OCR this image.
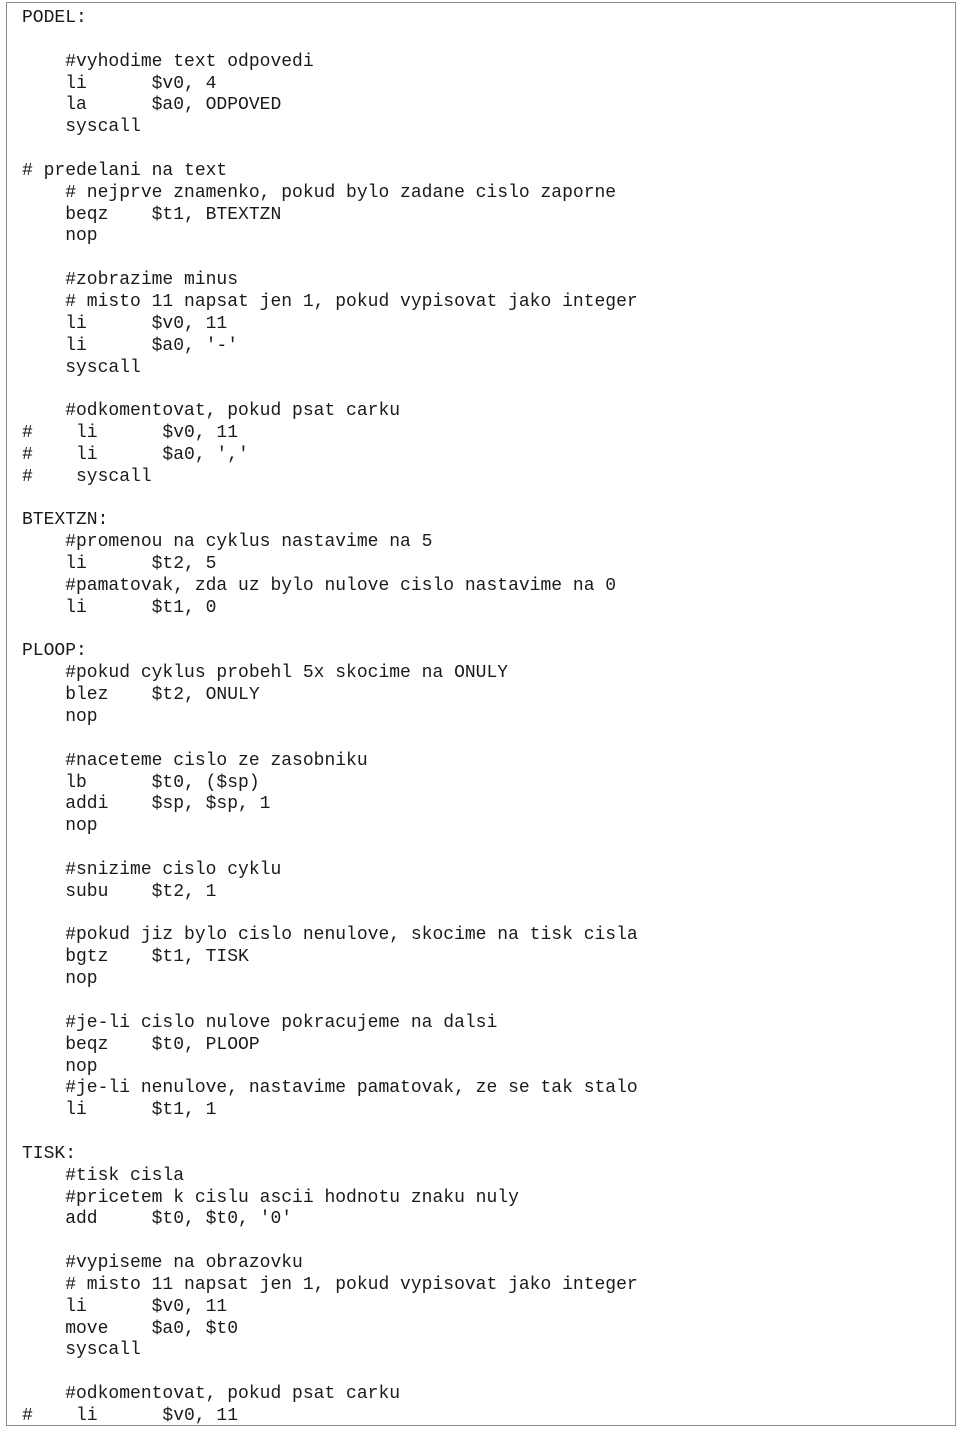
PODEL:
#vyhodime text odpovedi
li      $v0, 4
la      $a0, ODPOVED
syscall
# predelani na text
# nejprve znamenko, pokud bylo zadane cislo zaporne
beqz    $t1, BTEXTZN
nop
#zobrazime minus
# misto 11 napsat jen 1, pokud vypisovat jako integer
li      $v0, 11
li      $a0, '-'
syscall
#odkomentovat, pokud psat carku
#    li      $v0, 11
#    li      $a0, ','
#    syscall
BTEXTZN:
#promenou na cyklus nastavime na 5
li      $t2, 5
#pamatovak, zda uz bylo nulove cislo nastavime na 0
li      $t1, 0
PLOOP:
#pokud cyklus probehl 5x skocime na ONULY
blez    $t2, ONULY
nop
#naceteme cislo ze zasobniku
lb      $t0, ($sp)
addi    $sp, $sp, 1
nop
#snizime cislo cyklu
subu    $t2, 1
#pokud jiz bylo cislo nenulove, skocime na tisk cisla
bgtz    $t1, TISK
nop
#je-li cislo nulove pokracujeme na dalsi
beqz    $t0, PLOOP
nop
#je-li nenulove, nastavime pamatovak, ze se tak stalo
li      $t1, 1
TISK:
#tisk cisla
#pricetem k cislu ascii hodnotu znaku nuly
add     $t0, $t0, '0'
#vypiseme na obrazovku
# misto 11 napsat jen 1, pokud vypisovat jako integer
li      $v0, 11
move    $a0, $t0
syscall
#odkomentovat, pokud psat carku
#    li      $v0, 11
